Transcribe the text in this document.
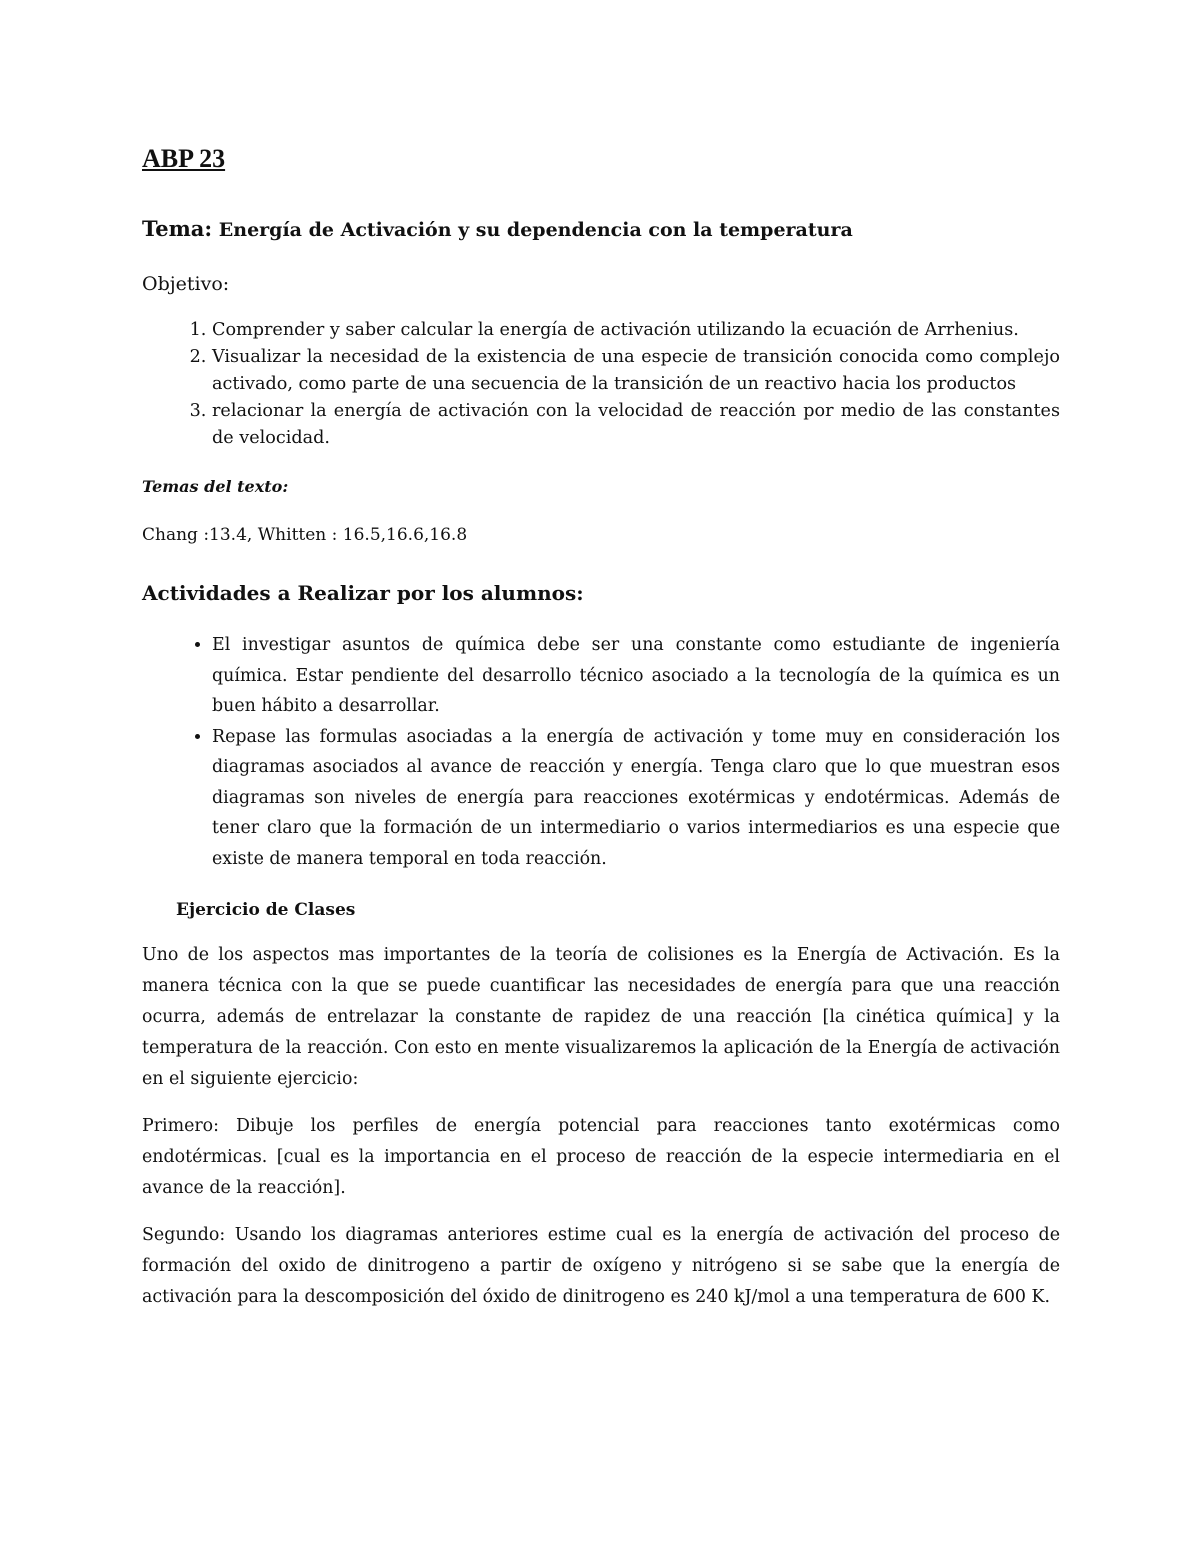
ABP 23
Tema: Energía de Activación y su dependencia con la temperatura
Objetivo:
1. Comprender y saber calcular la energía de activación utilizando la ecuación de Arrhenius.
2. Visualizar la necesidad de la existencia de una especie de transición conocida como complejo activado, como parte de una secuencia de la transición de un reactivo hacia los productos
3. relacionar la energía de activación con la velocidad de reacción por medio de las constantes de velocidad.
Temas del texto:
Chang :13.4, Whitten : 16.5,16.6,16.8
Actividades a Realizar por los alumnos:
• El investigar asuntos de química debe ser una constante como estudiante de ingeniería química. Estar pendiente del desarrollo técnico asociado a la tecnología de la química es un buen hábito a desarrollar.
• Repase las formulas asociadas a la energía de activación y tome muy en consideración los diagramas asociados al avance de reacción y energía. Tenga claro que lo que muestran esos diagramas son niveles de energía para reacciones exotérmicas y endotérmicas. Además de tener claro que la formación de un intermediario o varios intermediarios es una especie que existe de manera temporal en toda reacción.
Ejercicio de Clases

Uno de los aspectos mas importantes de la teoría de colisiones es la Energía de Activación. Es la manera técnica con la que se puede cuantificar las necesidades de energía para que una reacción ocurra, además de entrelazar la constante de rapidez de una reacción [la cinética química] y la temperatura de la reacción. Con esto en mente visualizaremos la aplicación de la Energía de activación en el siguiente ejercicio:

Primero: Dibuje los perfiles de energía potencial para reacciones tanto exotérmicas como endotérmicas. [cual es la importancia en el proceso de reacción de la especie intermediaria en el avance de la reacción].

Segundo: Usando los diagramas anteriores estime cual es la energía de activación del proceso de formación del oxido de dinitrogeno a partir de oxígeno y nitrógeno si se sabe que la energía de activación para la descomposición del óxido de dinitrogeno es 240 kJ/mol a una temperatura de 600 K.
